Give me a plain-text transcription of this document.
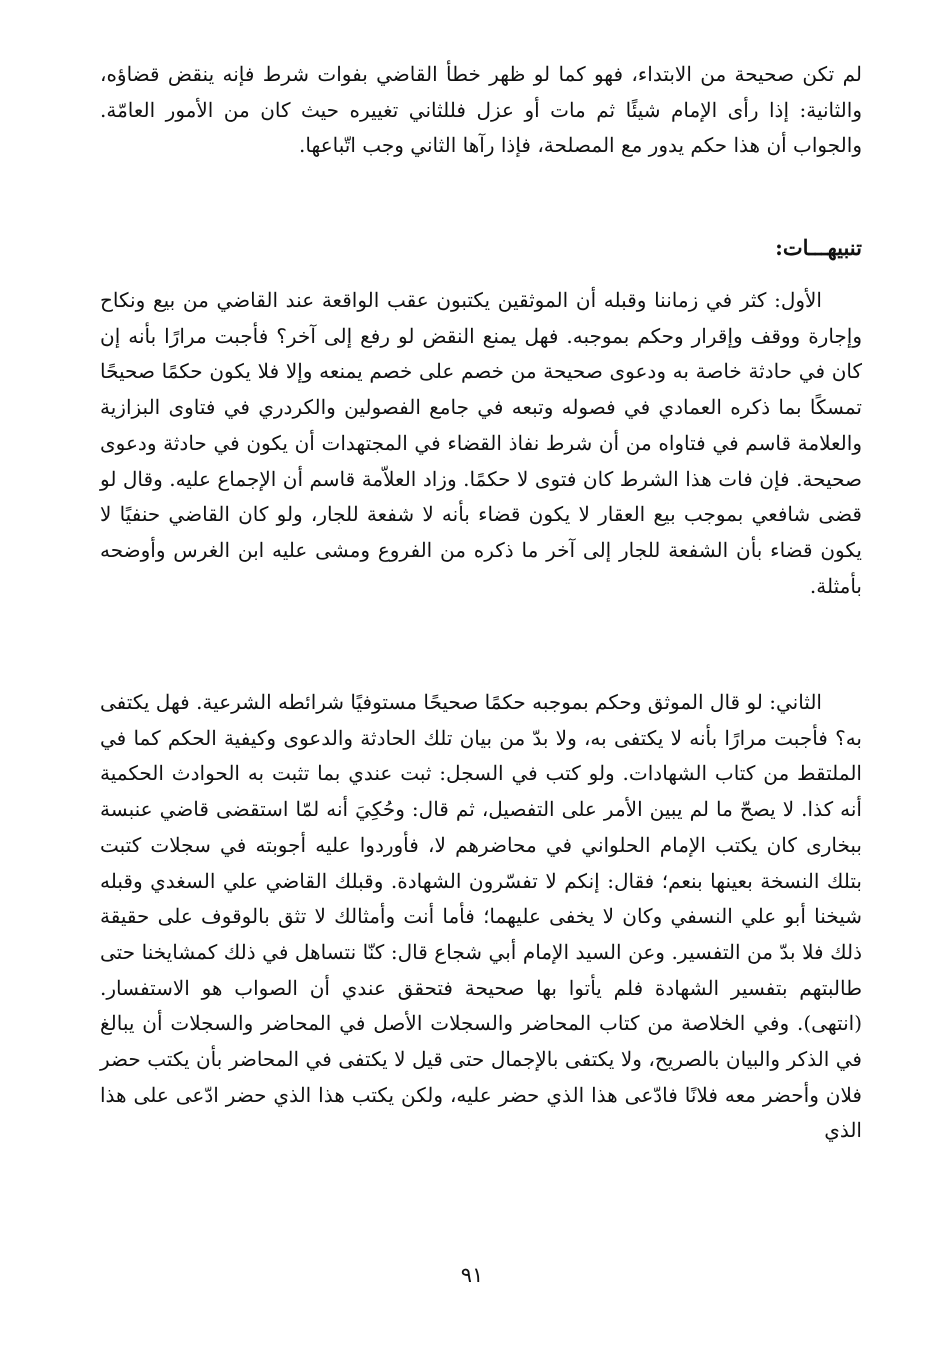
لم تكن صحيحة من الابتداء، فهو كما لو ظهر خطأ القاضي بفوات شرط فإنه ينقض قضاؤه، والثانية: إذا رأى الإمام شيئًا ثم مات أو عزل فللثاني تغييره حيث كان من الأمور العامّة. والجواب أن هذا حكم يدور مع المصلحة، فإذا رآها الثاني وجب اتّباعها.

تنبيهـــات:

الأول: كثر في زماننا وقبله أن الموثقين يكتبون عقب الواقعة عند القاضي من بيع ونكاح وإجارة ووقف وإقرار وحكم بموجبه. فهل يمنع النقض لو رفع إلى آخر؟ فأجبت مرارًا بأنه إن كان في حادثة خاصة به ودعوى صحيحة من خصم على خصم يمنعه وإلا فلا يكون حكمًا صحيحًا تمسكًا بما ذكره العمادي في فصوله وتبعه في جامع الفصولين والكردري في فتاوى البزازية والعلامة قاسم في فتاواه من أن شرط نفاذ القضاء في المجتهدات أن يكون في حادثة ودعوى صحيحة. فإن فات هذا الشرط كان فتوى لا حكمًا. وزاد العلاّمة قاسم أن الإجماع عليه. وقال لو قضى شافعي بموجب بيع العقار لا يكون قضاء بأنه لا شفعة للجار، ولو كان القاضي حنفيًا لا يكون قضاء بأن الشفعة للجار إلى آخر ما ذكره من الفروع ومشى عليه ابن الغرس وأوضحه بأمثلة.

الثاني: لو قال الموثق وحكم بموجبه حكمًا صحيحًا مستوفيًا شرائطه الشرعية. فهل يكتفى به؟ فأجبت مرارًا بأنه لا يكتفى به، ولا بدّ من بيان تلك الحادثة والدعوى وكيفية الحكم كما في الملتقط من كتاب الشهادات. ولو كتب في السجل: ثبت عندي بما تثبت به الحوادث الحكمية أنه كذا. لا يصحّ ما لم يبين الأمر على التفصيل، ثم قال: وحُكِيَ أنه لمّا استقضى قاضي عنبسة ببخارى كان يكتب الإمام الحلواني في محاضرهم لا، فأوردوا عليه أجوبته في سجلات كتبت بتلك النسخة بعينها بنعم؛ فقال: إنكم لا تفسّرون الشهادة. وقبلك القاضي علي السغدي وقبله شيخنا أبو علي النسفي وكان لا يخفى عليهما؛ فأما أنت وأمثالك لا تثق بالوقوف على حقيقة ذلك فلا بدّ من التفسير. وعن السيد الإمام أبي شجاع قال: كنّا نتساهل في ذلك كمشايخنا حتى طالبتهم بتفسير الشهادة فلم يأتوا بها صحيحة فتحقق عندي أن الصواب هو الاستفسار. (انتهى). وفي الخلاصة من كتاب المحاضر والسجلات الأصل في المحاضر والسجلات أن يبالغ في الذكر والبيان بالصريح، ولا يكتفى بالإجمال حتى قيل لا يكتفى في المحاضر بأن يكتب حضر فلان وأحضر معه فلانًا فادّعى هذا الذي حضر عليه، ولكن يكتب هذا الذي حضر ادّعى على هذا الذي

٩١
